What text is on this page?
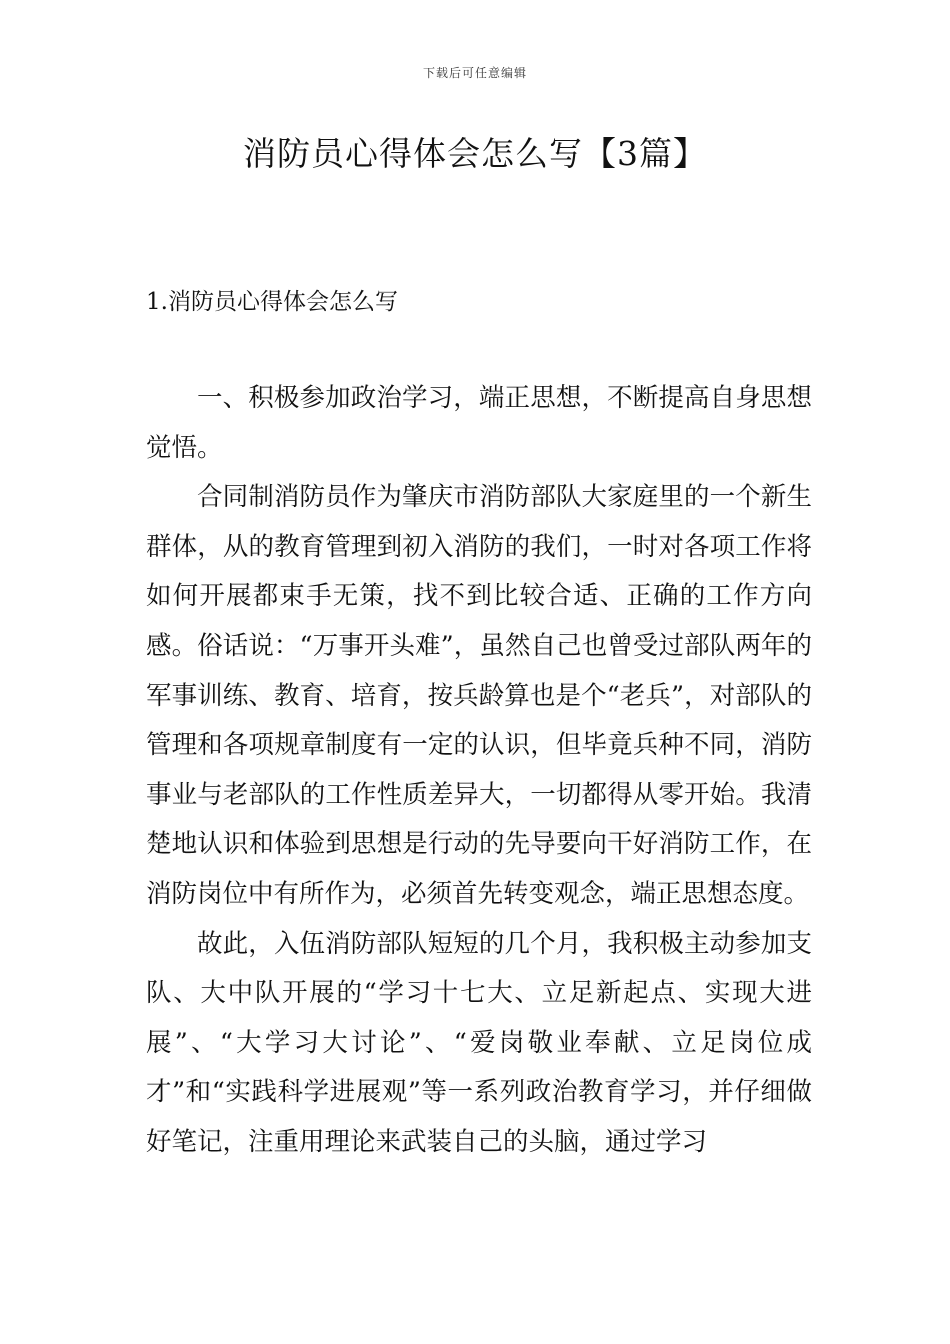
下载后可任意编辑
消防员心得体会怎么写【3篇】
1.消防员心得体会怎么写

一、积极参加政治学习，端正思想，不断提高自身思想觉悟。

合同制消防员作为肇庆市消防部队大家庭里的一个新生群体，从的教育管理到初入消防的我们，一时对各项工作将如何开展都束手无策，找不到比较合适、正确的工作方向感。俗话说：“万事开头难”，虽然自己也曾受过部队两年的军事训练、教育、培育，按兵龄算也是个“老兵”，对部队的管理和各项规章制度有一定的认识，但毕竟兵种不同，消防事业与老部队的工作性质差异大，一切都得从零开始。我清楚地认识和体验到思想是行动的先导要向干好消防工作，在消防岗位中有所作为，必须首先转变观念，端正思想态度。

故此，入伍消防部队短短的几个月，我积极主动参加支队、大中队开展的“学习十七大、立足新起点、实现大进展”、“大学习大讨论”、“爱岗敬业奉献、立足岗位成才”和“实践科学进展观”等一系列政治教育学习，并仔细做好笔记，注重用理论来武装自己的头脑，通过学习
